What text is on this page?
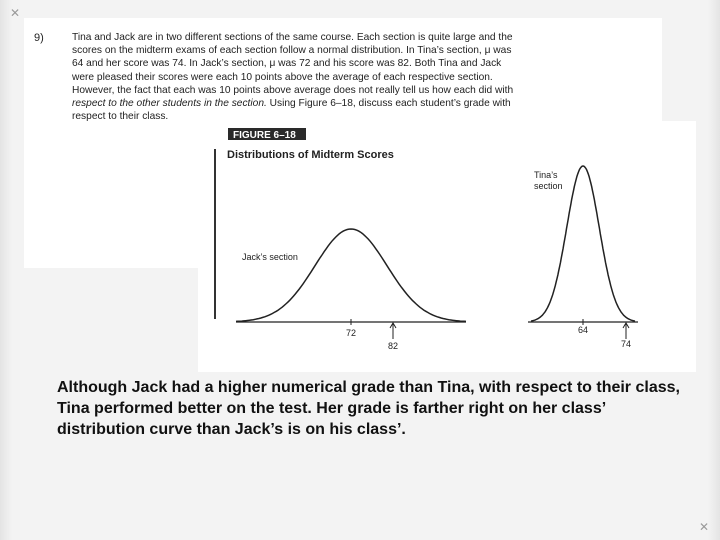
✕
✕
9)	Tina and Jack are in two different sections of the same course. Each section is quite large and the
scores on the midterm exams of each section follow a normal distribution. In Tina’s section, μ was
64 and her score was 74. In Jack’s section, μ was 72 and his score was 82. Both Tina and Jack
were pleased their scores were each 10 points above the average of each respective section.
However, the fact that each was 10 points above average does not really tell us how each did with
respect to the other students in the section. Using Figure 6–18, discuss each student’s grade with
respect to their class.
FIGURE 6–18
Distributions of Midterm Scores
Jack’s section
72
82
Tina’s
section
64
74
Although Jack had a higher numerical grade than Tina, with respect to their class, Tina performed better on the test. Her grade is farther right on her class’ distribution curve than Jack’s is on his class’.
